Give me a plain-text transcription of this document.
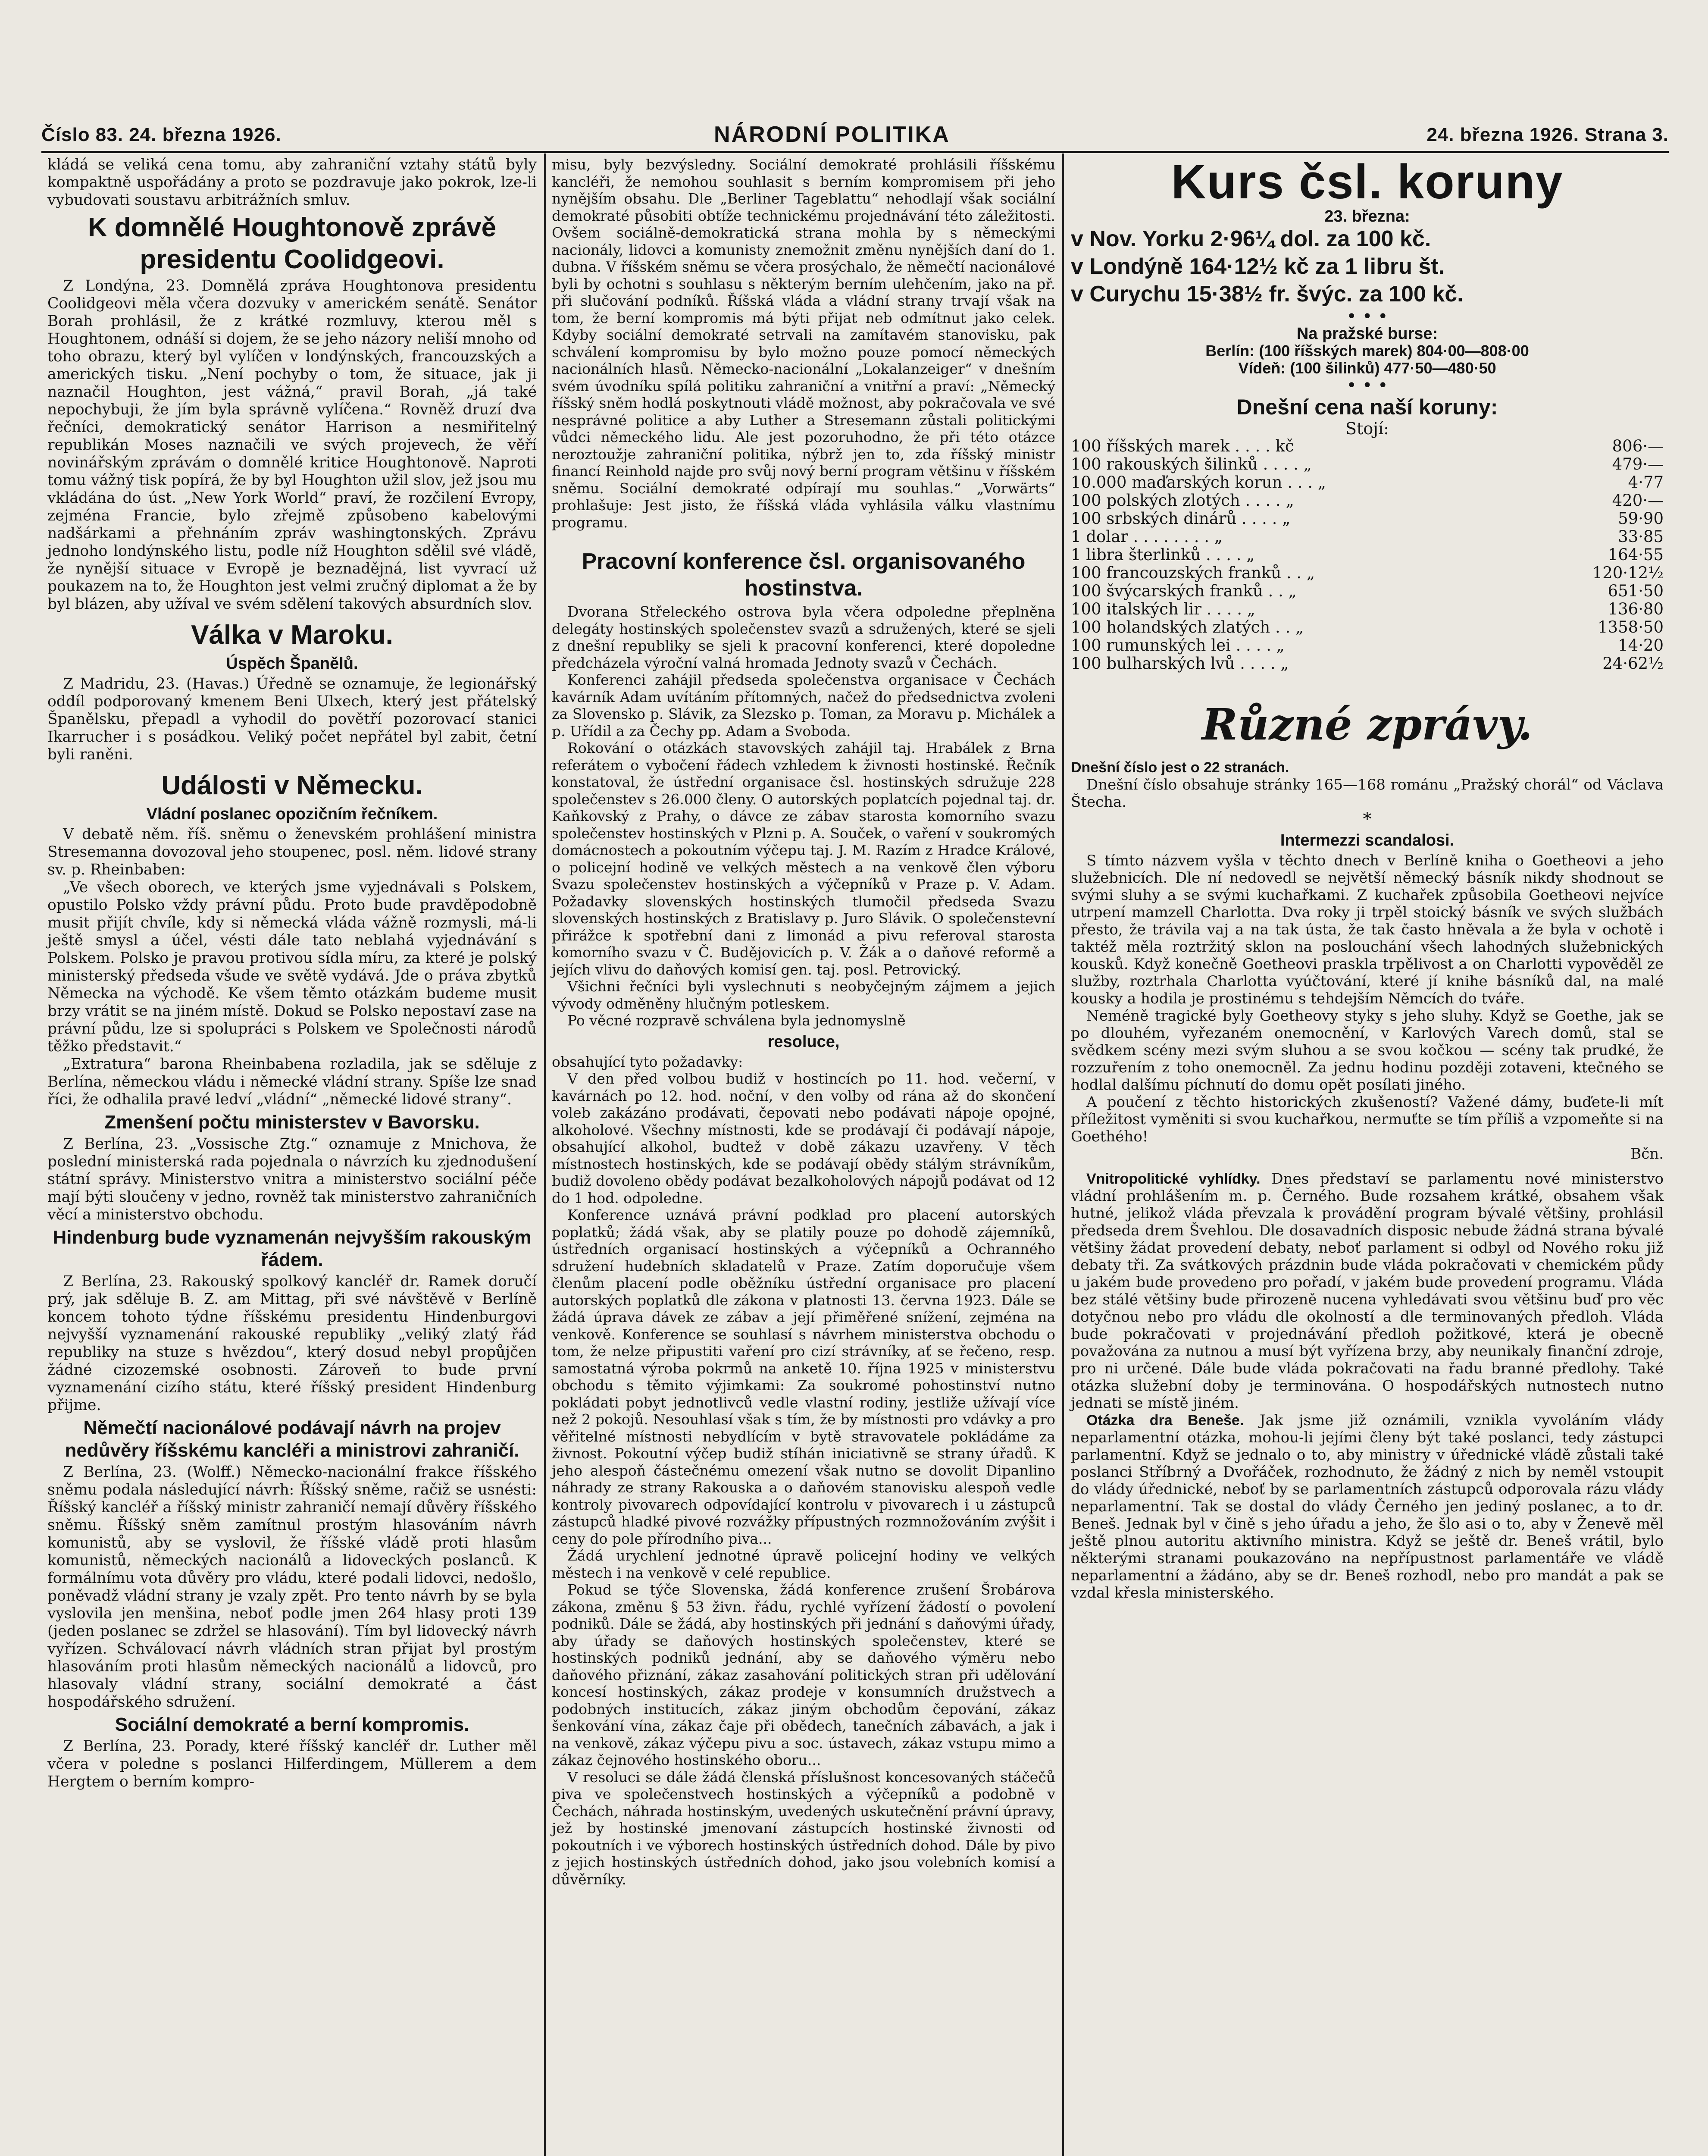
Číslo 83. 24. března 1926.	NÁRODNÍ POLITIKA	24. března 1926. Strana 3.

kládá se veliká cena tomu, aby zahraniční vztahy států byly kompaktně uspořádány a proto se pozdravuje jako pokrok, lze-li vybudovati soustavu arbitrážních smluv.

K domnělé Houghtonově zprávě presidentu Coolidgeovi.

Z Londýna, 23. Domnělá zpráva Houghtonova presidentu Coolidgeovi měla včera dozvuky v americkém senátě. Senátor Borah prohlásil, že z krátké rozmluvy, kterou měl s Houghtonem, odnáší si dojem, že se jeho názory neliší mnoho od toho obrazu, který byl vylíčen v londýnských, francouzských a amerických tisku. „Není pochyby o tom, že situace, jak ji naznačil Houghton, jest vážná,“ pravil Borah, „já také nepochybuji, že jím byla správně vylíčena.“ Rovněž druzí dva řečníci, demokratický senátor Harrison a nesmiřitelný republikán Moses naznačili ve svých projevech, že věří novinářským zprávám o domnělé kritice Houghtonově. Naproti tomu vážný tisk popírá, že by byl Houghton užil slov, jež jsou mu vkládána do úst. „New York World“ praví, že rozčilení Evropy, zejména Francie, bylo zřejmě způsobeno kabelovými nadšárkami a přehnáním zpráv washingtonských. Zprávu jednoho londýnského listu, podle níž Houghton sdělil své vládě, že nynější situace v Evropě je beznadějná, list vyvrací už poukazem na to, že Houghton jest velmi zručný diplomat a že by byl blázen, aby užíval ve svém sdělení takových absurdních slov.

Válka v Maroku.
Úspěch Španělů.

Z Madridu, 23. (Havas.) Úředně se oznamuje, že legionářský oddíl podporovaný kmenem Beni Ulxech, který jest přátelský Španělsku, přepadl a vyhodil do povětří pozorovací stanici Ikarrucher i s posádkou. Veliký počet nepřátel byl zabit, četní byli raněni.

Události v Německu.
Vládní poslanec opozičním řečníkem.

V debatě něm. říš. sněmu o ženevském prohlášení ministra Stresemanna dovozoval jeho stoupenec, posl. něm. lidové strany sv. p. Rheinbaben:

„Ve všech oborech, ve kterých jsme vyjednávali s Polskem, opustilo Polsko vždy právní půdu. Proto bude pravděpodobně musit přijít chvíle, kdy si německá vláda vážně rozmysli, má-li ještě smysl a účel, vésti dále tato neblahá vyjednávání s Polskem. Polsko je pravou protivou sídla míru, za které je polský ministerský předseda všude ve světě vydává. Jde o práva zbytků Německa na východě. Ke všem těmto otázkám budeme musit brzy vrátit se na jiném místě. Dokud se Polsko nepostaví zase na právní půdu, lze si spolupráci s Polskem ve Společnosti národů těžko představit.“

„Extratura“ barona Rheinbabena rozladila, jak se sděluje z Berlína, německou vládu i německé vládní strany. Spíše lze snad říci, že odhalila pravé ledví „vládní“ „německé lidové strany“.

Zmenšení počtu ministerstev v Bavorsku.

Z Berlína, 23. „Vossische Ztg.“ oznamuje z Mnichova, že poslední ministerská rada pojednala o návrzích ku zjednodušení státní správy. Ministerstvo vnitra a ministerstvo sociální péče mají býti sloučeny v jedno, rovněž tak ministerstvo zahraničních věcí a ministerstvo obchodu.

Hindenburg bude vyznamenán nejvyšším rakouským řádem.

Z Berlína, 23. Rakouský spolkový kancléř dr. Ramek doručí prý, jak sděluje B. Z. am Mittag, při své návštěvě v Berlíně koncem tohoto týdne říšskému presidentu Hindenburgovi nejvyšší vyznamenání rakouské republiky „veliký zlatý řád republiky na stuze s hvězdou“, který dosud nebyl propůjčen žádné cizozemské osobnosti. Zároveň to bude první vyznamenání cizího státu, které říšský president Hindenburg přijme.

Němečtí nacionálové podávají návrh na projev nedůvěry říšskému kancléři a ministrovi zahraničí.

Z Berlína, 23. (Wolff.) Německo-nacionální frakce říšského sněmu podala následující návrh: Říšský sněme, račiž se usnésti: Říšský kancléř a říšský ministr zahraničí nemají důvěry říšského sněmu. Říšský sněm zamítnul prostým hlasováním návrh komunistů, aby se vyslovil, že říšské vládě proti hlasům komunistů, německých nacionálů a lidoveckých poslanců. K formálnímu vota důvěry pro vládu, které podali lidovci, nedošlo, poněvadž vládní strany je vzaly zpět. Pro tento návrh by se byla vyslovila jen menšina, neboť podle jmen 264 hlasy proti 139 (jeden poslanec se zdržel se hlasování). Tím byl lidovecký návrh vyřízen. Schválovací návrh vládních stran přijat byl prostým hlasováním proti hlasům německých nacionálů a lidovců, pro hlasovaly vládní strany, sociální demokraté a část hospodářského sdružení.

Sociální demokraté a berní kompromis.

Z Berlína, 23. Porady, které říšský kancléř dr. Luther měl včera v poledne s poslanci Hilferdingem, Müllerem a dem Hergtem o berním kompro-

misu, byly bezvýsledny. Sociální demokraté prohlásili říšskému kancléři, že nemohou souhlasit s berním kompromisem při jeho nynějším obsahu. Dle „Berliner Tageblattu“ nehodlají však sociální demokraté působiti obtíže technickému projednávání této záležitosti. Ovšem sociálně-demokratická strana mohla by s německými nacionály, lidovci a komunisty znemožnit změnu nynějších daní do 1. dubna. V říšském sněmu se včera prosýchalo, že němečtí nacionálové byli by ochotni s souhlasu s některým berním ulehčením, jako na př. při slučování podníků. Říšská vláda a vládní strany trvají však na tom, že berní kompromis má býti přijat neb odmítnut jako celek. Kdyby sociální demokraté setrvali na zamítavém stanovisku, pak schválení kompromisu by bylo možno pouze pomocí německých nacionálních hlasů. Německo-nacionální „Lokalanzeiger“ v dnešním svém úvodníku spílá politiku zahraniční a vnitřní a praví: „Německý říšský sněm hodlá poskytnouti vládě možnost, aby pokračovala ve své nesprávné politice a aby Luther a Stresemann zůstali politickými vůdci německého lidu. Ale jest pozoruhodno, že při této otázce neroztoužje zahraniční politika, nýbrž jen to, zda říšský ministr financí Reinhold najde pro svůj nový berní program většinu v říšském sněmu. Sociální demokraté odpírají mu souhlas.“ „Vorwärts“ prohlašuje: Jest jisto, že říšská vláda vyhlásila válku vlastnímu programu.

Pracovní konference čsl. organisovaného hostinstva.

Dvorana Střeleckého ostrova byla včera odpoledne přeplněna delegáty hostinských společenstev svazů a sdružených, které se sjeli z dnešní republiky se sjeli k pracovní konferenci, které dopoledne předcházela výroční valná hromada Jednoty svazů v Čechách.

Konferenci zahájil předseda společenstva organisace v Čechách kavárník Adam uvítáním přítomných, načež do předsednictva zvoleni za Slovensko p. Slávik, za Slezsko p. Toman, za Moravu p. Michálek a p. Uřídil a za Čechy pp. Adam a Svoboda.

Rokování o otázkách stavovských zahájil taj. Hrabálek z Brna referátem o vybočení řádech vzhledem k živnosti hostinské. Řečník konstatoval, že ústřední organisace čsl. hostinských sdružuje 228 společenstev s 26.000 členy. O autorských poplatcích pojednal taj. dr. Kaňkovský z Prahy, o dávce ze zábav starosta komorního svazu společenstev hostinských v Plzni p. A. Souček, o vaření v soukromých domácnostech a pokoutním výčepu taj. J. M. Razím z Hradce Králové, o policejní hodině ve velkých městech a na venkově člen výboru Svazu společenstev hostinských a výčepníků v Praze p. V. Adam. Požadavky slovenských hostinských tlumočil předseda Svazu slovenských hostinských z Bratislavy p. Juro Slávik. O společenstevní přirážce k spotřební dani z limonád a pivu referoval starosta komorního svazu v Č. Budějovicích p. V. Žák a o daňové reformě a jejích vlivu do daňových komisí gen. taj. posl. Petrovický.

Všichni řečníci byli vyslechnuti s neobyčejným zájmem a jejich vývody odměněny hlučným potleskem.

Po věcné rozpravě schválena byla jednomyslně

resoluce,

obsahující tyto požadavky:

V den před volbou budiž v hostincích po 11. hod. večerní, v kavárnách po 12. hod. noční, v den volby od rána až do skončení voleb zakázáno prodávati, čepovati nebo podávati nápoje opojné, alkoholové. Všechny místnosti, kde se prodávají či podávají nápoje, obsahující alkohol, budtež v době zákazu uzavřeny. V těch místnostech hostinských, kde se podávají obědy stálým strávníkům, budiž dovoleno obědy podávat bezalkoholových nápojů podávat od 12 do 1 hod. odpoledne.

Konference uznává právní podklad pro placení autorských poplatků; žádá však, aby se platily pouze po dohodě zájemníků, ústředních organisací hostinských a výčepníků a Ochranného sdružení hudebních skladatelů v Praze. Zatím doporučuje všem členům placení podle oběžníku ústřední organisace pro placení autorských poplatků dle zákona v platnosti 13. června 1923. Dále se žádá úprava dávek ze zábav a její přiměřené snížení, zejména na venkově. Konference se souhlasí s návrhem ministerstva obchodu o tom, že nelze připustiti vaření pro cizí strávníky, ať se řečeno, resp. samostatná výroba pokrmů na anketě 10. října 1925 v ministerstvu obchodu s těmito výjimkami: Za soukromé pohostinství nutno pokládati pobyt jednotlivců vedle vlastní rodiny, jestliže užívají více než 2 pokojů. Nesouhlasí však s tím, že by místnosti pro vdávky a pro věřitelné místnosti nebydlícím v bytě stravovatele pokládáme za živnost. Pokoutní výčep budiž stíhán iniciativně se strany úřadů. K jeho alespoň částečnému omezení však nutno se dovolit Dipanlino náhrady ze strany Rakouska a o daňovém stanovisku alespoň vedle kontroly pivovarech odpovídající kontrolu v pivovarech i u zástupců zástupců hladké pivové rozvážky přípustných rozmnožováním zvýšit i ceny do pole přírodního piva...

Žádá urychlení jednotné úpravě policejní hodiny ve velkých městech i na venkově v celé republice.

Pokud se týče Slovenska, žádá konference zrušení Šrobárova zákona, změnu § 53 živn. řádu, rychlé vyřízení žádostí o povolení podniků. Dále se žádá, aby hostinských při jednání s daňovými úřady, aby úřady se daňových hostinských společenstev, které se hostinských podniků jednání, aby se daňového výměru nebo daňového přiznání, zákaz zasahování politických stran při udělování koncesí hostinských, zákaz prodeje v konsumních družstvech a podobných institucích, zákaz jiným obchodům čepování, zákaz šenkování vína, zákaz čaje při obědech, tanečních zábavách, a jak i na venkově, zákaz výčepu pivu a soc. ústavech, zákaz vstupu mimo a zákaz čejnového hostinského oboru...

V resoluci se dále žádá členská příslušnost koncesovaných stáčečů piva ve společenstvech hostinských a výčepníků a podobně v Čechách, náhrada hostinským, uvedených uskutečnění právní úpravy, jež by hostinské jmenovaní zástupcích hostinské živnosti od pokoutních i ve výborech hostinských ústředních dohod. Dále by pivo z jejich hostinských ústředních dohod, jako jsou volebních komisí a důvěrníky.

Kurs čsl. koruny
23. března:
v Nov. Yorku 2·96¼ dol. za 100 kč.
v Londýně 164·12½ kč za 1 libru št.
v Curychu 15·38½ fr. švýc. za 100 kč.
• • •
Na pražské burse:
Berlín: (100 říšských marek) 804·00—808·00
Vídeň: (100 šilinků) 477·50—480·50
• • •
Dnešní cena naší koruny:
Stojí:
100 říšských marek . . . . kč	806·—
100 rakouských šilinků . . . . „	479·—
10.000 maďarských korun . . . „	4·77
100 polských zlotých . . . . „	420·—
100 srbských dinárů . . . . „	59·90
1 dolar . . . . . . . . „	33·85
1 libra šterlinků . . . . „	164·55
100 francouzských franků . . „	120·12½
100 švýcarských franků . . „	651·50
100 italských lir . . . . „	136·80
100 holandských zlatých . . „	1358·50
100 rumunských lei . . . . „	14·20
100 bulharských lvů . . . . „	24·62½
Různé zprávy.

Dnešní číslo jest o 22 stranách.

Dnešní číslo obsahuje stránky 165—168 románu „Pražský chorál“ od Václava Štecha.

*
Intermezzi scandalosi.

S tímto názvem vyšla v těchto dnech v Berlíně kniha o Goetheovi a jeho služebnicích. Dle ní nedovedl se největší německý básník nikdy shodnout se svými sluhy a se svými kuchařkami. Z kuchařek způsobila Goetheovi nejvíce utrpení mamzell Charlotta. Dva roky ji trpěl stoický básník ve svých službách přesto, že trávila vaj a na tak ústa, že tak často hněvala a že byla v ochotě i taktéž měla roztržitý sklon na poslouchání všech lahodných služebnických kousků. Když konečně Goetheovi praskla trpělivost a on Charlotti vypověděl ze služby, roztrhala Charlotta vyúčtování, které jí knihe básníků dal, na malé kousky a hodila je prostinému s tehdejším Němcích do tváře.

Neméně tragické byly Goetheovy styky s jeho sluhy. Když se Goethe, jak se po dlouhém, vyřezaném onemocnění, v Karlových Varech domů, stal se svědkem scény mezi svým sluhou a se svou kočkou — scény tak prudké, že rozzuřením z toho onemocněl. Za jednu hodinu později zotaveni, ktečného se hodlal dalšímu píchnutí do domu opět posílati jiného.

A poučení z těchto historických zkušeností? Važené dámy, buďete-li mít příležitost vyměniti si svou kuchařkou, nermuťte se tím příliš a vzpomeňte si na Goethého!

Bčn.

Vnitropolitické vyhlídky. Dnes představí se parlamentu nové ministerstvo vládní prohlášením m. p. Černého. Bude rozsahem krátké, obsahem však hutné, jelikož vláda převzala k provádění program bývalé většiny, prohlásil předseda drem Švehlou. Dle dosavadních disposic nebude žádná strana bývalé většiny žádat provedení debaty, neboť parlament si odbyl od Nového roku již debaty tři. Za svátkových prázdnin bude vláda pokračovati v chemickém půdy u jakém bude provedeno pro pořadí, v jakém bude provedení programu. Vláda bez stálé většiny bude přirozeně nucena vyhledávati svou většinu buď pro věc dotyčnou nebo pro vládu dle okolností a dle terminovaných předloh. Vláda bude pokračovati v projednávání předloh požitkové, která je obecně považována za nutnou a musí být vyřízena brzy, aby neunikaly finanční zdroje, pro ni určené. Dále bude vláda pokračovati na řadu branné předlohy. Také otázka služební doby je terminována. O hospodářských nutnostech nutno jednati se místě jiném.

Otázka dra Beneše. Jak jsme již oznámili, vznikla vyvoláním vlády neparlamentní otázka, mohou-li jejími členy být také poslanci, tedy zástupci parlamentní. Když se jednalo o to, aby ministry v úřednické vládě zůstali také poslanci Stříbrný a Dvořáček, rozhodnuto, že žádný z nich by neměl vstoupit do vlády úřednické, neboť by se parlamentních zástupců odporovala rázu vlády neparlamentní. Tak se dostal do vlády Černého jen jediný poslanec, a to dr. Beneš. Jednak byl v čině s jeho úřadu a jeho, že šlo asi o to, aby v Ženevě měl ještě plnou autoritu aktivního ministra. Když se ještě dr. Beneš vrátil, bylo některými stranami poukazováno na nepřípustnost parlamentáře ve vládě neparlamentní a žádáno, aby se dr. Beneš rozhodl, nebo pro mandát a pak se vzdal křesla ministerského.
